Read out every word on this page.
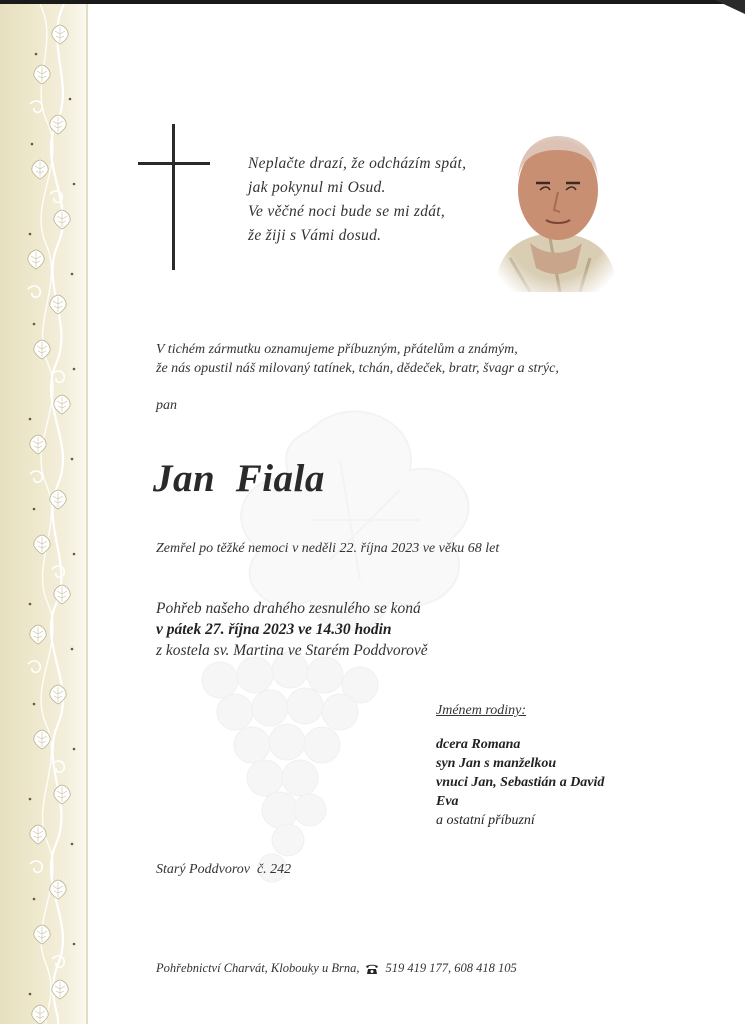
Neplačte drazí, že odcházím spát,
jak pokynul mi Osud.
Ve věčné noci bude se mi zdát,
že žiji s Vámi dosud.
V tichém zármutku oznamujeme příbuzným, přátelům a známým,
že nás opustil náš milovaný tatínek, tchán, dědeček, bratr, švagr a strýc,
pan
Jan  Fiala
Zemřel po těžké nemoci v neděli 22. října 2023 ve věku 68 let
Pohřeb našeho drahého zesnulého se koná
v pátek 27. října 2023 ve 14.30 hodin
z kostela sv. Martina ve Starém Poddvorově
Jménem rodiny:
dcera Romana
syn Jan s manželkou
vnuci Jan, Sebastián a David
Eva
a ostatní příbuzní
Starý Poddvorov  č. 242
Pohřebnictví Charvát, Klobouky u Brna, 519 419 177, 608 418 105
